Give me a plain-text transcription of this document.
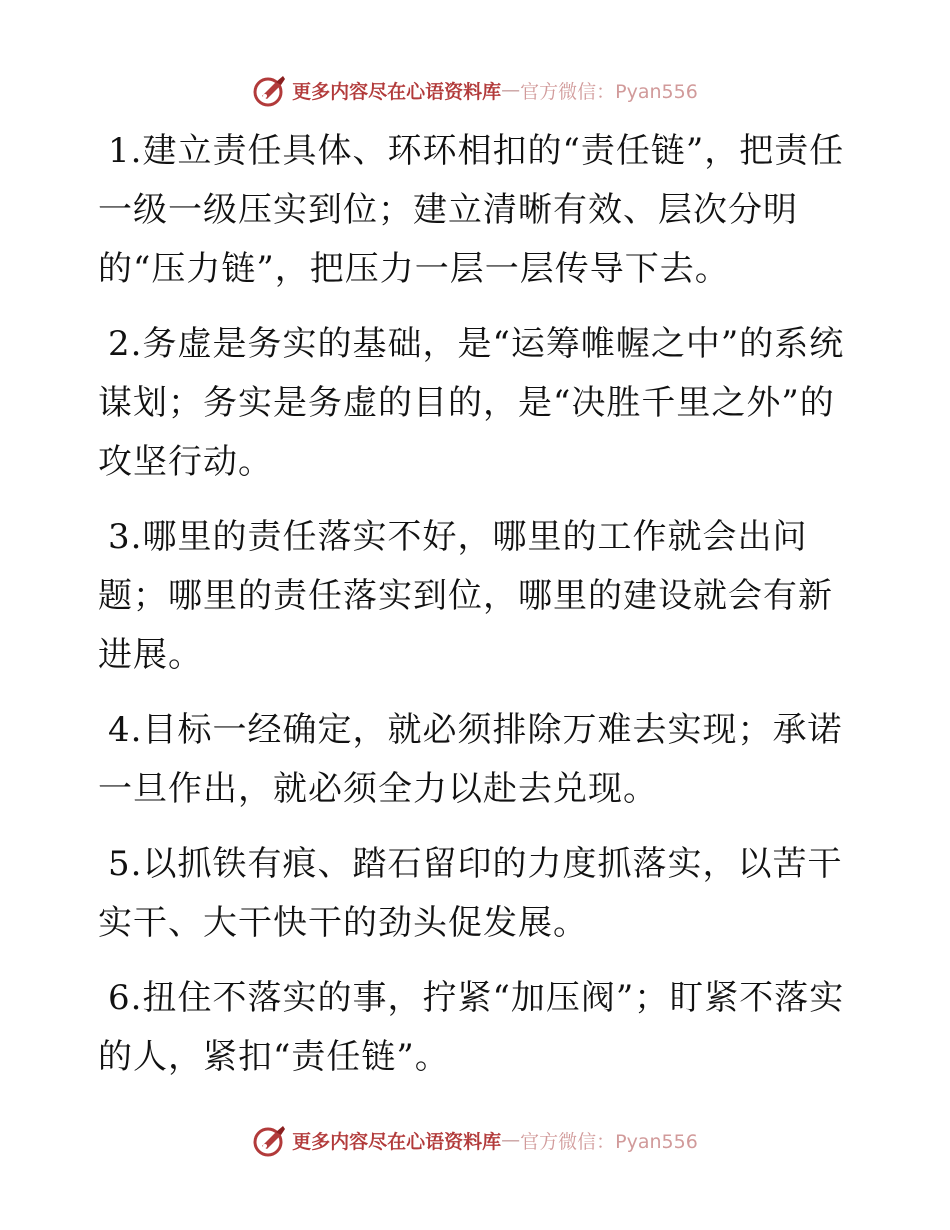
更多内容尽在心语资料库 — 官方微信：Pyan556

1.建立责任具体、环环相扣的“责任链”，把责任一级一级压实到位；建立清晰有效、层次分明的“压力链”，把压力一层一层传导下去。

2.务虚是务实的基础，是“运筹帷幄之中”的系统谋划；务实是务虚的目的，是“决胜千里之外”的攻坚行动。

3.哪里的责任落实不好，哪里的工作就会出问题；哪里的责任落实到位，哪里的建设就会有新进展。

4.目标一经确定，就必须排除万难去实现；承诺一旦作出，就必须全力以赴去兑现。

5.以抓铁有痕、踏石留印的力度抓落实，以苦干实干、大干快干的劲头促发展。

6.扭住不落实的事，拧紧“加压阀”；盯紧不落实的人，紧扣“责任链”。

更多内容尽在心语资料库 — 官方微信：Pyan556
